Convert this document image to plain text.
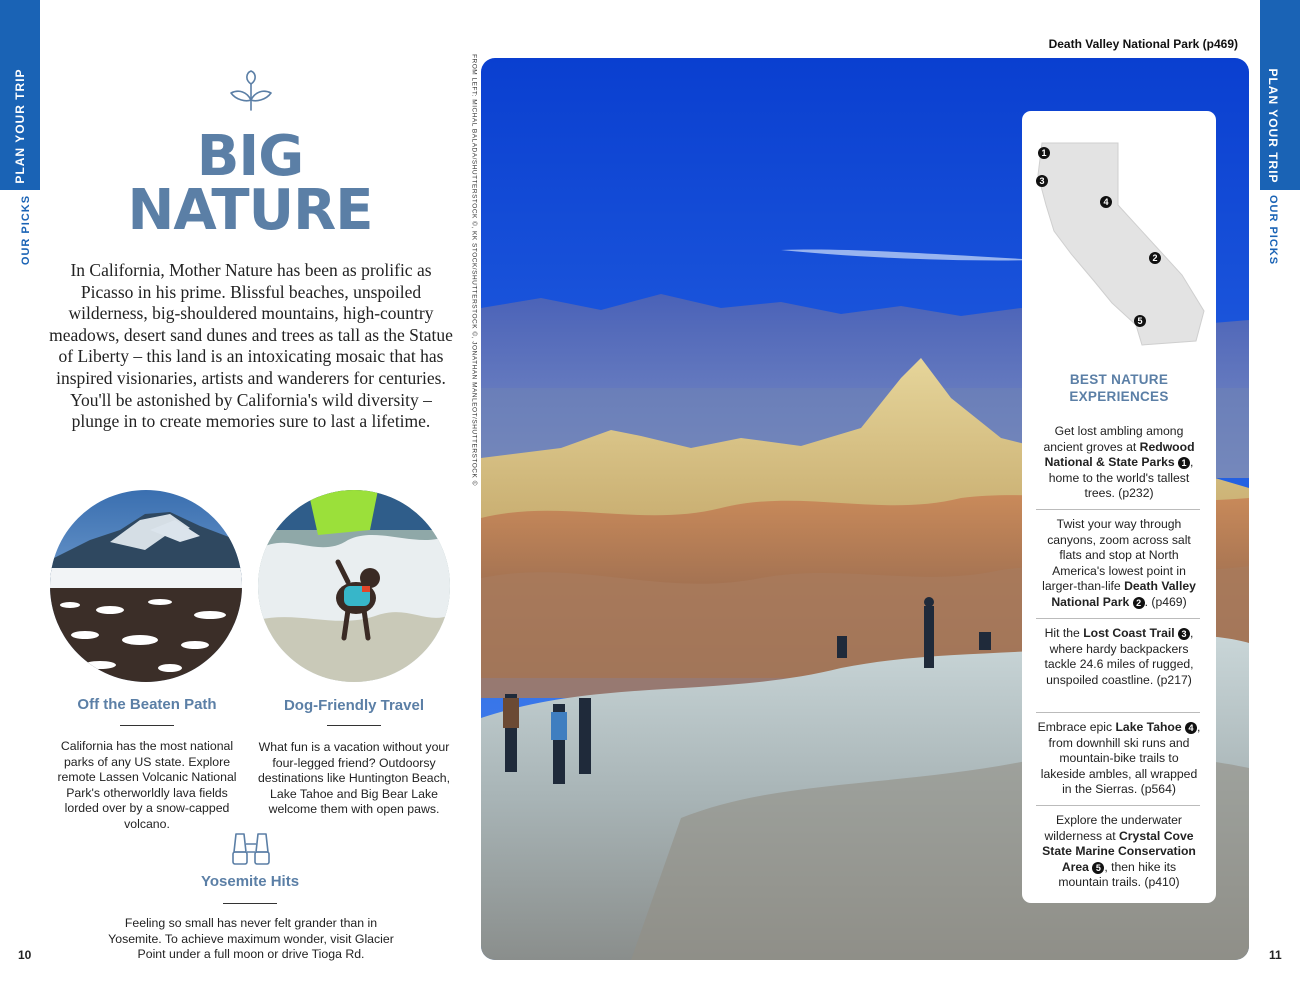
PLAN YOUR TRIP
OUR PICKS
PLAN YOUR TRIP
OUR PICKS
BIG
NATURE
In California, Mother Nature has been as prolific as Picasso in his prime. Blissful beaches, unspoiled wilderness, big-shouldered mountains, high-country meadows, desert sand dunes and trees as tall as the Statue of Liberty – this land is an intoxicating mosaic that has inspired visionaries, artists and wanderers for centuries. You'll be astonished by California's wild diversity – plunge in to create memories sure to last a lifetime.
Off the Beaten Path
California has the most national parks of any US state. Explore remote Lassen Volcanic National Park's otherworldly lava fields lorded over by a snow-capped volcano.
Dog-Friendly Travel
What fun is a vacation without your four-legged friend? Outdoorsy destinations like Huntington Beach, Lake Tahoe and Big Bear Lake welcome them with open paws.
Yosemite Hits
Feeling so small has never felt grander than in Yosemite. To achieve maximum wonder, visit Glacier Point under a full moon or drive Tioga Rd.
10	11
FROM LEFT: MICHAL BALADA/SHUTTERSTOCK ©, KK STOCK/SHUTTERSTOCK ©, JONATHAN MANLEOT/SHUTTERSTOCK ©
Death Valley National Park (p469)
1
2
3
4
5
BEST NATURE EXPERIENCES
Get lost ambling among ancient groves at Redwood National & State Parks 1 , home to the world's tallest trees. (p232)
Twist your way through canyons, zoom across salt flats and stop at North America's lowest point in larger-than-life Death Valley National Park 2 . (p469)
Hit the Lost Coast Trail 3 , where hardy backpackers tackle 24.6 miles of rugged, unspoiled coastline. (p217)
Embrace epic Lake Tahoe 4 , from downhill ski runs and mountain-bike trails to lakeside ambles, all wrapped in the Sierras. (p564)
Explore the underwater wilderness at Crystal Cove State Marine Conservation Area 5 , then hike its mountain trails. (p410)
